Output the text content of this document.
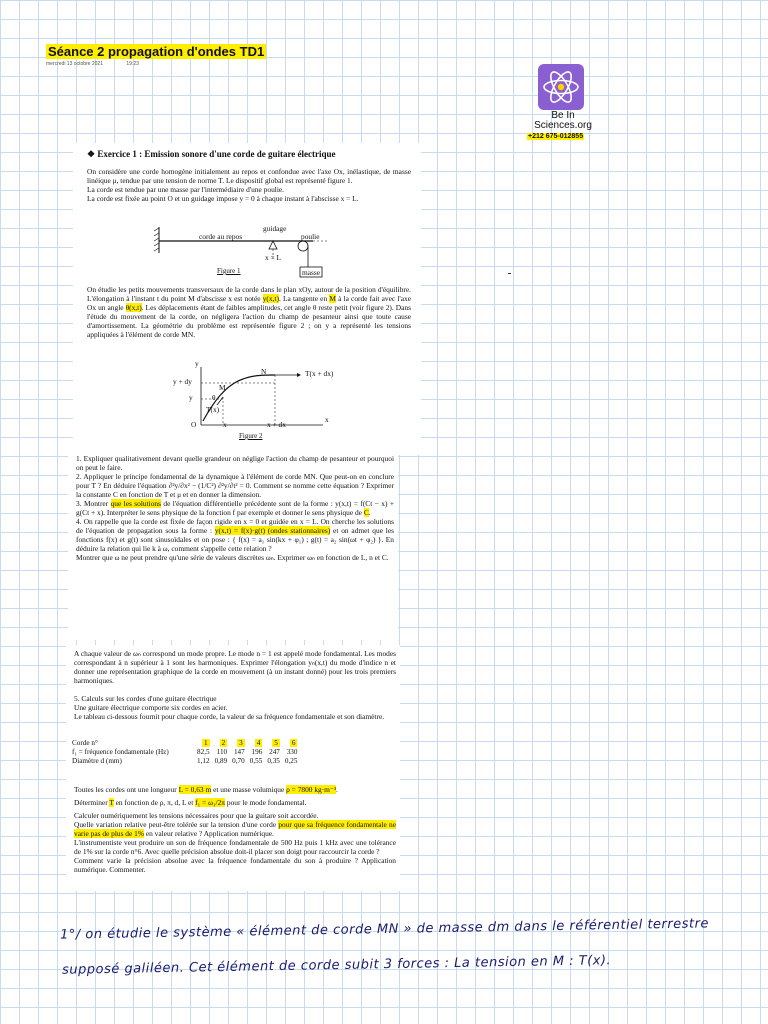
Séance 2 propagation d'ondes TD1
mercredi 13 octobre 2021	19:23
Be In
Sciences.org
+212 675-012855
❖ Exercice 1 : Emission sonore d'une corde de guitare électrique
On considère une corde homogène initialement au repos et confondue avec l'axe Ox, inélastique, de masse linéique μ, tendue par une tension de norme T. Le dispositif global est représenté figure 1.
La corde est tendue par une masse par l'intermédiaire d'une poulie.
La corde est fixée au point O et un guidage impose y = 0 à chaque instant à l'abscisse x = L.
corde au repos
guidage
poulie
x = L
masse
Figure 1
On étudie les petits mouvements transversaux de la corde dans le plan xOy, autour de la position d'équilibre. L'élongation à l'instant t du point M d'abscisse x est notée y(x,t). La tangente en M à la corde fait avec l'axe Ox un angle θ(x,t). Les déplacements étant de faibles amplitudes, cet angle θ reste petit (voir figure 2). Dans l'étude du mouvement de la corde, on négligera l'action du champ de pesanteur ainsi que toute cause d'amortissement. La géométrie du problème est représentée figure 2 ; on y a représenté les tensions appliquées à l'élément de corde MN.
y
y + dy
N
M
θ
y
T(x)
T(x + dx)
O	x	x + dx
x
Figure 2
1. Expliquer qualitativement devant quelle grandeur on néglige l'action du champ de pesanteur et pourquoi on peut le faire.
2. Appliquer le principe fondamental de la dynamique à l'élément de corde MN. Que peut-on en conclure pour T ? En déduire l'équation ∂²y/∂x² − (1/C²) ∂²y/∂t² = 0. Comment se nomme cette équation ? Exprimer la constante C en fonction de T et μ et en donner la dimension.
3. Montrer que les solutions de l'équation différentielle précédente sont de la forme : y(x,t) = f(Ct − x) + g(Ct + x). Interpréter le sens physique de la fonction f par exemple et donner le sens physique de C.
4. On rappelle que la corde est fixée de façon rigide en x = 0 et guidée en x = L. On cherche les solutions de l'équation de propagation sous la forme : y(x,t) = f(x)·g(t) (ondes stationnaires) et on admet que les fonctions f(x) et g(t) sont sinusoïdales et on pose : { f(x) = a₁ sin(kx + φ₁) ; g(t) = a₂ sin(ωt + φ₂) }. En déduire la relation qui lie k à ω, comment s'appelle cette relation ?
Montrer que ω ne peut prendre qu'une série de valeurs discrètes ωₙ. Exprimer ωₙ en fonction de L, n et C.
A chaque valeur de ωₙ correspond un mode propre. Le mode n = 1 est appelé mode fondamental. Les modes correspondant à n supérieur à 1 sont les harmoniques. Exprimer l'élongation yₙ(x,t) du mode d'indice n et donner une représentation graphique de la corde en mouvement (à un instant donné) pour les trois premiers harmoniques.
5. Calculs sur les cordes d'une guitare électrique
Une guitare électrique comporte six cordes en acier.
Le tableau ci-dessous fournit pour chaque corde, la valeur de sa fréquence fondamentale et son diamètre.
Corde n°	1	2	3	4	5	6
f₁ = fréquence fondamentale (Hz)	82,5	110	147	196	247	330
Diamètre d (mm)	1,12	0,89	0,70	0,55	0,35	0,25
Toutes les cordes ont une longueur L = 0,63 m et une masse volumique ρ = 7800 kg·m⁻³.
Déterminer T en fonction de ρ, π, d, L et f₁ = ω₁/2π pour le mode fondamental.
Calculer numériquement les tensions nécessaires pour que la guitare soit accordée.
Quelle variation relative peut-être tolérée sur la tension d'une corde pour que sa fréquence fondamentale ne varie pas de plus de 1% en valeur relative ? Application numérique.
L'instrumentiste veut produire un son de fréquence fondamentale de 500 Hz puis 1 kHz avec une tolérance de 1% sur la corde n°6. Avec quelle précision absolue doit-il placer son doigt pour raccourcir la corde ?
Comment varie la précision absolue avec la fréquence fondamentale du son à produire ? Application numérique. Commenter.
1°/ on étudie le système « élément de corde MN » de masse dm dans le référentiel terrestre
supposé galiléen. Cet élément de corde subit 3 forces : La tension en M : T(x).
